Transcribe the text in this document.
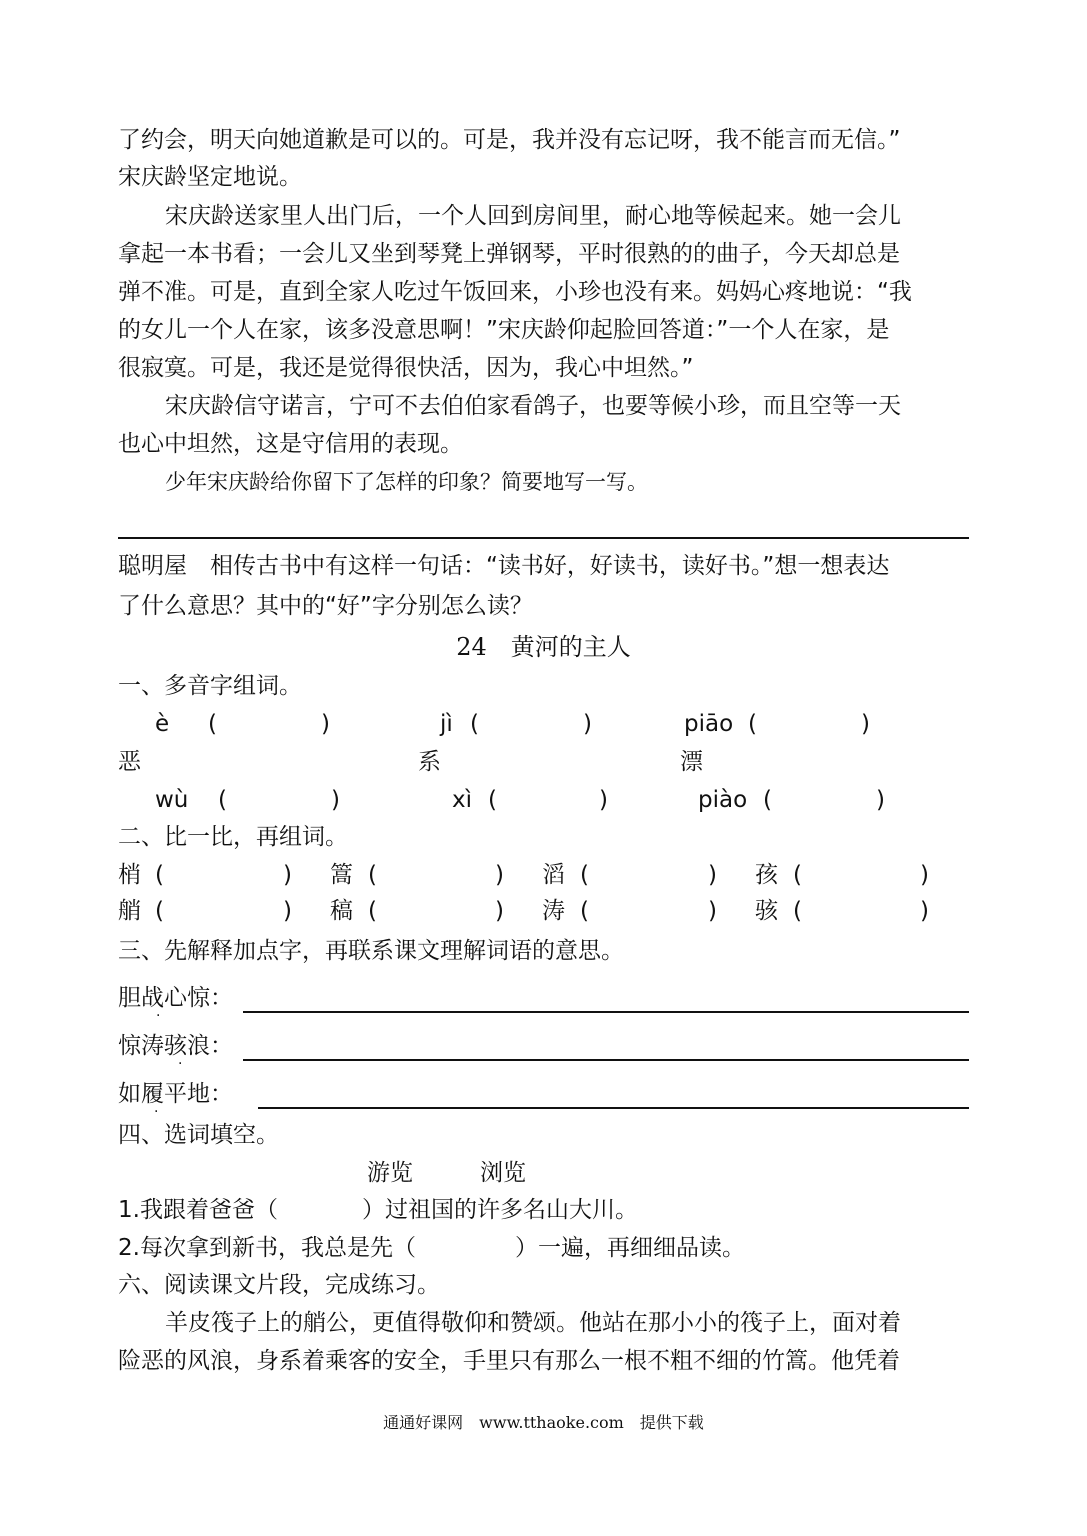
了约会，明天向她道歉是可以的。可是，我并没有忘记呀，我不能言而无信。”
宋庆龄坚定地说。
宋庆龄送家里人出门后，一个人回到房间里，耐心地等候起来。她一会儿
拿起一本书看；一会儿又坐到琴凳上弹钢琴，平时很熟的的曲子，今天却总是
弹不准。可是，直到全家人吃过午饭回来，小珍也没有来。妈妈心疼地说：“我
的女儿一个人在家，该多没意思啊！”宋庆龄仰起脸回答道：”一个人在家，是
很寂寞。可是，我还是觉得很快活，因为，我心中坦然。”
宋庆龄信守诺言，宁可不去伯伯家看鸽子，也要等候小珍，而且空等一天
也心中坦然，这是守信用的表现。
少年宋庆龄给你留下了怎样的印象？简要地写一写。
聪明屋　相传古书中有这样一句话：“读书好，好读书，读好书。”想一想表达
了什么意思？其中的“好”字分别怎么读？
24　黄河的主人
一、多音字组词。
è (	)	jì (	)	piāo (	)
恶	系	漂
wù (	)	xì (	)	piào (	)
二、比一比，再组词。
梢 (	) 篙 (	) 滔 (	) 孩 (	)
艄 (	) 稿 (	) 涛 (	) 骇 (	)
三、先解释加点字，再联系课文理解词语的意思。
胆战心惊：
·
惊涛骇浪：
·
如履平地：
·
四、选词填空。
游览	浏览
1.我跟着爸爸（	）过祖国的许多名山大川。
2.每次拿到新书，我总是先（	）一遍，再细细品读。
六、阅读课文片段，完成练习。
羊皮筏子上的艄公，更值得敬仰和赞颂。他站在那小小的筏子上，面对着
险恶的风浪，身系着乘客的安全，手里只有那么一根不粗不细的竹篙。他凭着
通通好课网　www.tthaoke.com　提供下载
